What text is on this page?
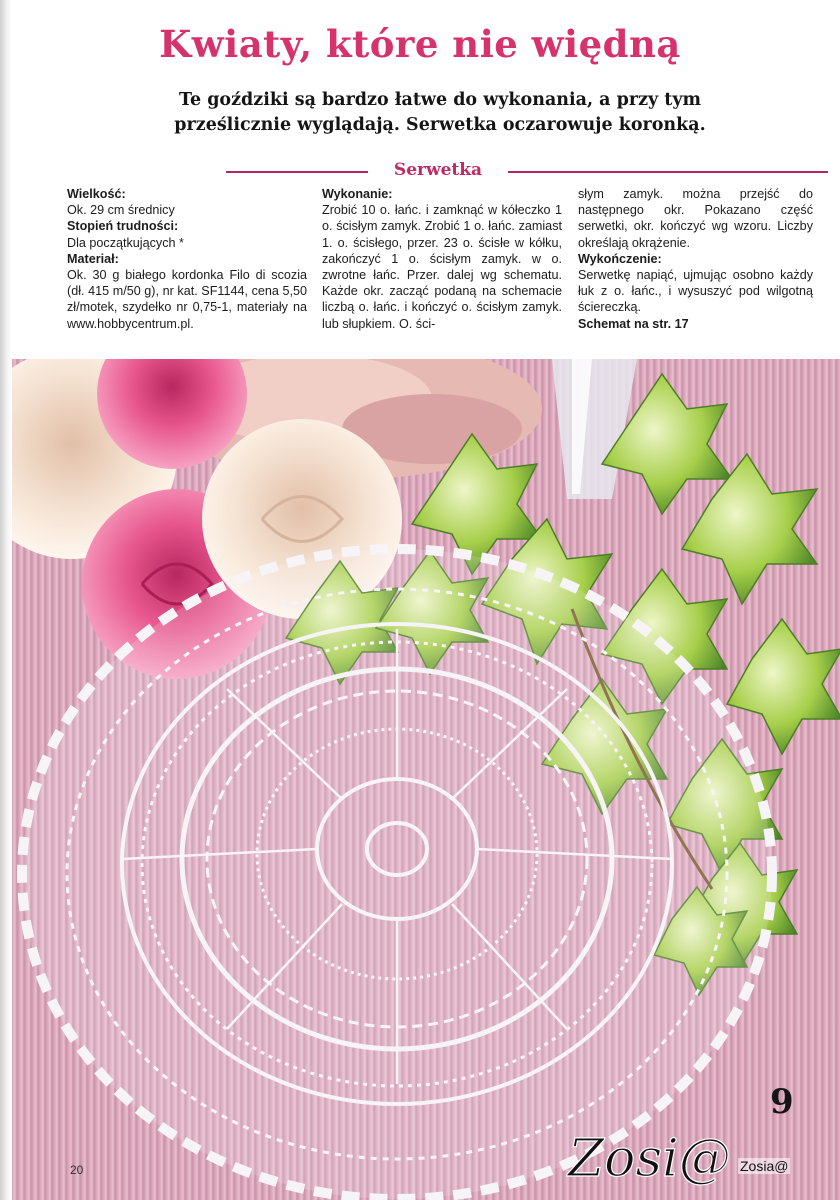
Kwiaty, które nie więdną
Te goździki są bardzo łatwe do wykonania, a przy tym prześlicznie wyglądają. Serwetka oczarowuje koronką.
Serwetka

Wielkość:

Ok. 29 cm średnicy

Stopień trudności:

Dla początkujących *

Materiał:

Ok. 30 g białego kordonka Filo di scozia (dł. 415 m/50 g), nr kat. SF1144, cena 5,50 zł/motek, szydełko nr 0,75-1, materiały na www.hobbycentrum.pl.

Wykonanie:

Zrobić 10 o. łańc. i zamknąć w kółeczko 1 o. ścisłym zamyk. Zrobić 1 o. łańc. zamiast 1. o. ścisłego, przer. 23 o. ścisłe w kółku, zakończyć 1 o. ścisłym zamyk. w o. zwrotne łańc. Przer. dalej wg schematu. Każde okr. zacząć podaną na schemacie liczbą o. łańc. i kończyć o. ścisłym zamyk. lub słupkiem. O. ści-

słym zamyk. można przejść do następnego okr. Pokazano część serwetki, okr. kończyć wg wzoru. Liczby określają okrążenie.

Wykończenie:

Serwetkę napiąć, ujmując osobno każdy łuk z o. łańc., i wysuszyć pod wilgotną ściereczką.

Schemat na str. 17

9
20	Zosi@ Zosia@
